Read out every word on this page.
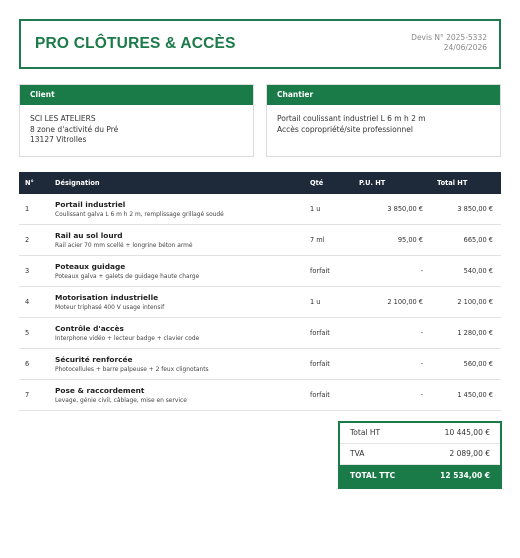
PRO CLÔTURES & ACCÈS	Devis N° 2025-5332
24/06/2026
Client
SCI LES ATELIERS
8 zone d'activité du Pré
13127 Vitrolles
Chantier
Portail coulissant industriel L 6 m h 2 m
Accès copropriété/site professionnel
N°	Désignation	Qté	P.U. HT	Total HT
1	Portail industriel
Coulissant galva L 6 m h 2 m, remplissage grillagé soudé	1 u	3 850,00 €	3 850,00 €
2	Rail au sol lourd
Rail acier 70 mm scellé + longrine béton armé	7 ml	95,00 €	665,00 €
3	Poteaux guidage
Poteaux galva + galets de guidage haute charge	forfait	-	540,00 €
4	Motorisation industrielle
Moteur triphasé 400 V usage intensif	1 u	2 100,00 €	2 100,00 €
5	Contrôle d'accès
Interphone vidéo + lecteur badge + clavier code	forfait	-	1 280,00 €
6	Sécurité renforcée
Photocellules + barre palpeuse + 2 feux clignotants	forfait	-	560,00 €
7	Pose & raccordement
Levage, génie civil, câblage, mise en service	forfait	-	1 450,00 €
Total HT	10 445,00 €
TVA	2 089,00 €
TOTAL TTC	12 534,00 €
